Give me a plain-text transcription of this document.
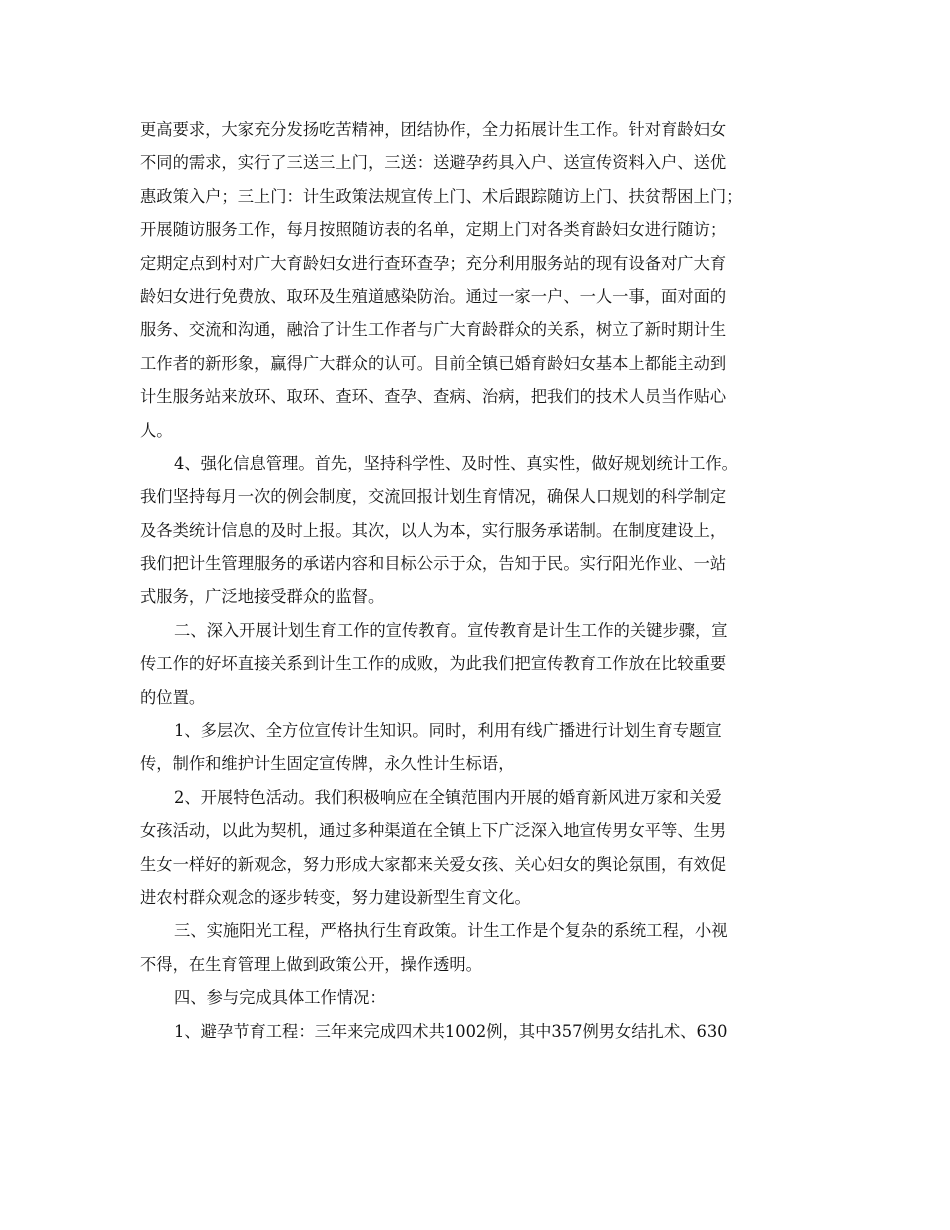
更高要求，大家充分发扬吃苦精神，团结协作，全力拓展计生工作。针对育龄妇女
不同的需求，实行了三送三上门，三送：送避孕药具入户、送宣传资料入户、送优
惠政策入户；三上门：计生政策法规宣传上门、术后跟踪随访上门、扶贫帮困上门；
开展随访服务工作，每月按照随访表的名单，定期上门对各类育龄妇女进行随访；
定期定点到村对广大育龄妇女进行查环查孕；充分利用服务站的现有设备对广大育
龄妇女进行免费放、取环及生殖道感染防治。通过一家一户、一人一事，面对面的
服务、交流和沟通，融洽了计生工作者与广大育龄群众的关系，树立了新时期计生
工作者的新形象，赢得广大群众的认可。目前全镇已婚育龄妇女基本上都能主动到
计生服务站来放环、取环、查环、查孕、查病、治病，把我们的技术人员当作贴心
人。
4、强化信息管理。首先，坚持科学性、及时性、真实性，做好规划统计工作。
我们坚持每月一次的例会制度，交流回报计划生育情况，确保人口规划的科学制定
及各类统计信息的及时上报。其次，以人为本，实行服务承诺制。在制度建设上，
我们把计生管理服务的承诺内容和目标公示于众，告知于民。实行阳光作业、一站
式服务，广泛地接受群众的监督。
二、深入开展计划生育工作的宣传教育。宣传教育是计生工作的关键步骤，宣
传工作的好坏直接关系到计生工作的成败，为此我们把宣传教育工作放在比较重要
的位置。
1、多层次、全方位宣传计生知识。同时，利用有线广播进行计划生育专题宣
传，制作和维护计生固定宣传牌，永久性计生标语，
2、开展特色活动。我们积极响应在全镇范围内开展的婚育新风进万家和关爱
女孩活动，以此为契机，通过多种渠道在全镇上下广泛深入地宣传男女平等、生男
生女一样好的新观念，努力形成大家都来关爱女孩、关心妇女的舆论氛围，有效促
进农村群众观念的逐步转变，努力建设新型生育文化。
三、实施阳光工程，严格执行生育政策。计生工作是个复杂的系统工程，小视
不得，在生育管理上做到政策公开，操作透明。
四、参与完成具体工作情况：
1、避孕节育工程：三年来完成四术共1002例，其中357例男女结扎术、630
